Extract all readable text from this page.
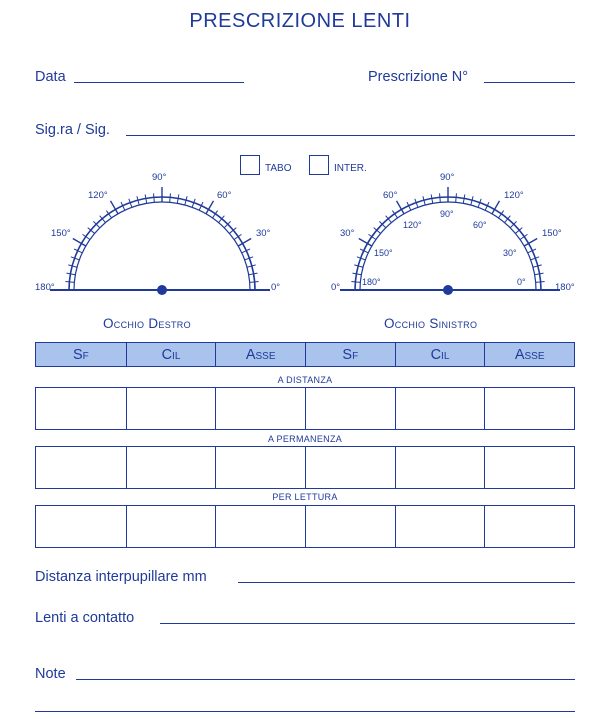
PRESCRIZIONE LENTI
Data	Prescrizione N°
Sig.ra / Sig.
TABO	INTER.
180°
150°
120°
90°
60°
30°
0°	0°
30°
60°
90°
120°
150°
180°
180°
150°
120°
90°
60°
30°
0°
Occhio Destro	Occhio Sinistro
Sf	Cil	Asse	Sf	Cil	Asse
A DISTANZA
A PERMANENZA
PER LETTURA
Distanza interpupillare mm
Lenti a contatto
Note
